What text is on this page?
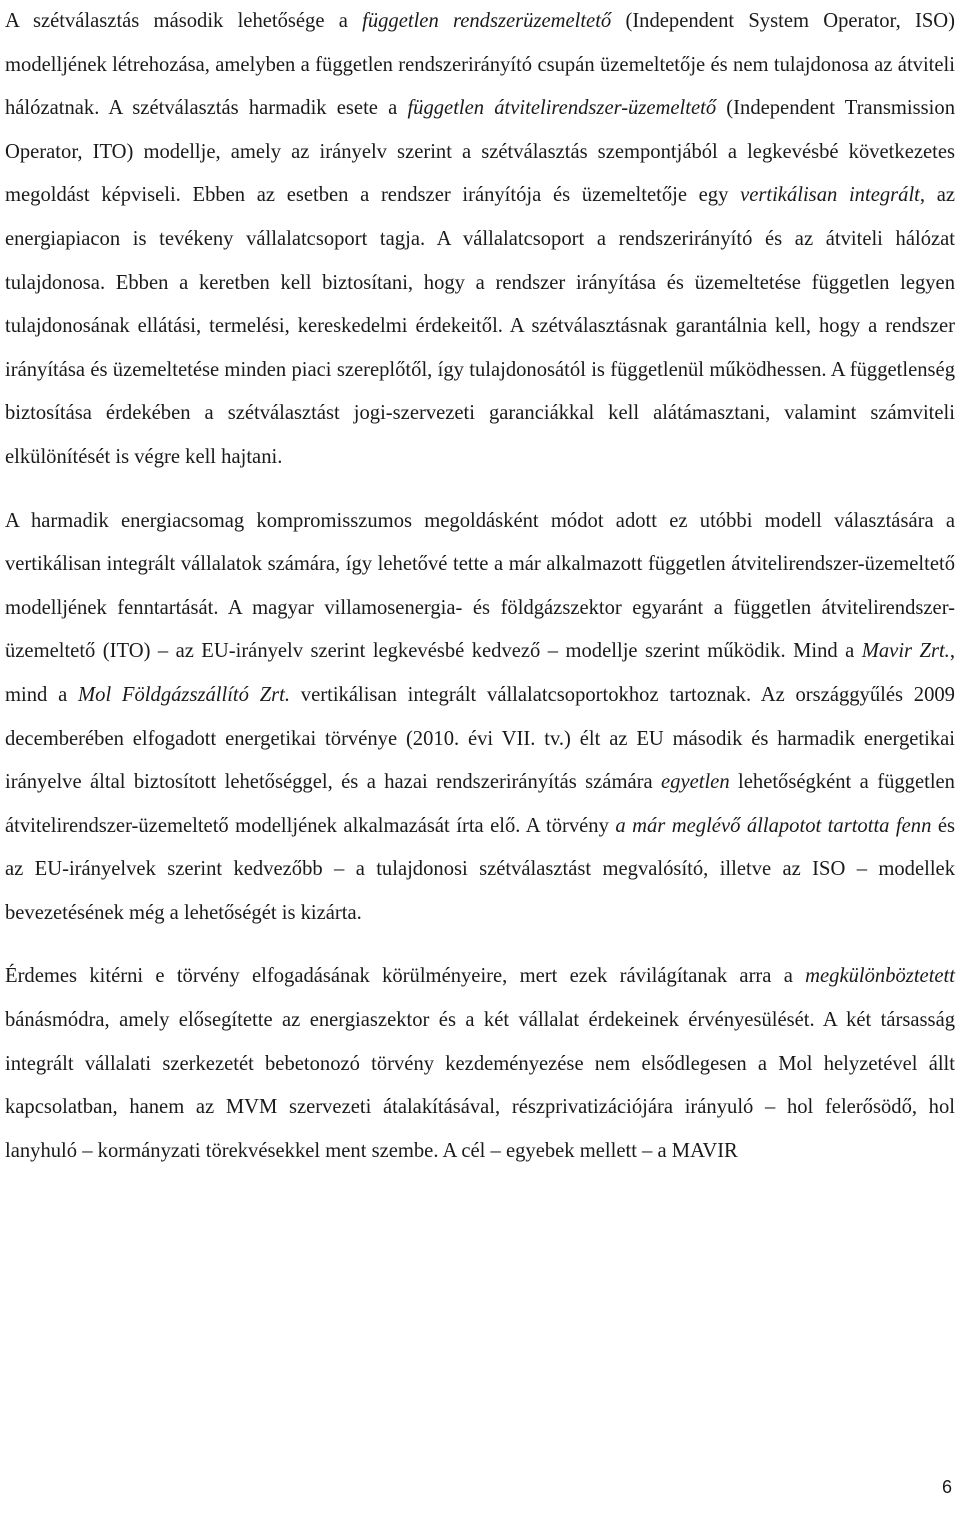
A szétválasztás második lehetősége a független rendszerüzemeltető (Independent System Operator, ISO) modelljének létrehozása, amelyben a független rendszerirányító csupán üzemeltetője és nem tulajdonosa az átviteli hálózatnak. A szétválasztás harmadik esete a független átvitelirendszer-üzemeltető (Independent Transmission Operator, ITO) modellje, amely az irányelv szerint a szétválasztás szempontjából a legkevésbé következetes megoldást képviseli. Ebben az esetben a rendszer irányítója és üzemeltetője egy vertikálisan integrált, az energiapiacon is tevékeny vállalatcsoport tagja. A vállalatcsoport a rendszerirányító és az átviteli hálózat tulajdonosa. Ebben a keretben kell biztosítani, hogy a rendszer irányítása és üzemeltetése független legyen tulajdonosának ellátási, termelési, kereskedelmi érdekeitől. A szétválasztásnak garantálnia kell, hogy a rendszer irányítása és üzemeltetése minden piaci szereplőtől, így tulajdonosától is függetlenül működhessen. A függetlenség biztosítása érdekében a szétválasztást jogi-szervezeti garanciákkal kell alátámasztani, valamint számviteli elkülönítését is végre kell hajtani.

A harmadik energiacsomag kompromisszumos megoldásként módot adott ez utóbbi modell választására a vertikálisan integrált vállalatok számára, így lehetővé tette a már alkalmazott független átvitelirendszer-üzemeltető modelljének fenntartását. A magyar villamosenergia- és földgázszektor egyaránt a független átvitelirendszer-üzemeltető (ITO) – az EU-irányelv szerint legkevésbé kedvező – modellje szerint működik. Mind a Mavir Zrt., mind a Mol Földgázszállító Zrt. vertikálisan integrált vállalatcsoportokhoz tartoznak. Az országgyűlés 2009 decemberében elfogadott energetikai törvénye (2010. évi VII. tv.) élt az EU második és harmadik energetikai irányelve által biztosított lehetőséggel, és a hazai rendszerirányítás számára egyetlen lehetőségként a független átvitelirendszer-üzemeltető modelljének alkalmazását írta elő. A törvény a már meglévő állapotot tartotta fenn és az EU-irányelvek szerint kedvezőbb – a tulajdonosi szétválasztást megvalósító, illetve az ISO – modellek bevezetésének még a lehetőségét is kizárta.

Érdemes kitérni e törvény elfogadásának körülményeire, mert ezek rávilágítanak arra a megkülönböztetett bánásmódra, amely elősegítette az energiaszektor és a két vállalat érdekeinek érvényesülését. A két társasság integrált vállalati szerkezetét bebetonozó törvény kezdeményezése nem elsődlegesen a Mol helyzetével állt kapcsolatban, hanem az MVM szervezeti átalakításával, részprivatizációjára irányuló – hol felerősödő, hol lanyhuló – kormányzati törekvésekkel ment szembe. A cél – egyebek mellett – a MAVIR

6
